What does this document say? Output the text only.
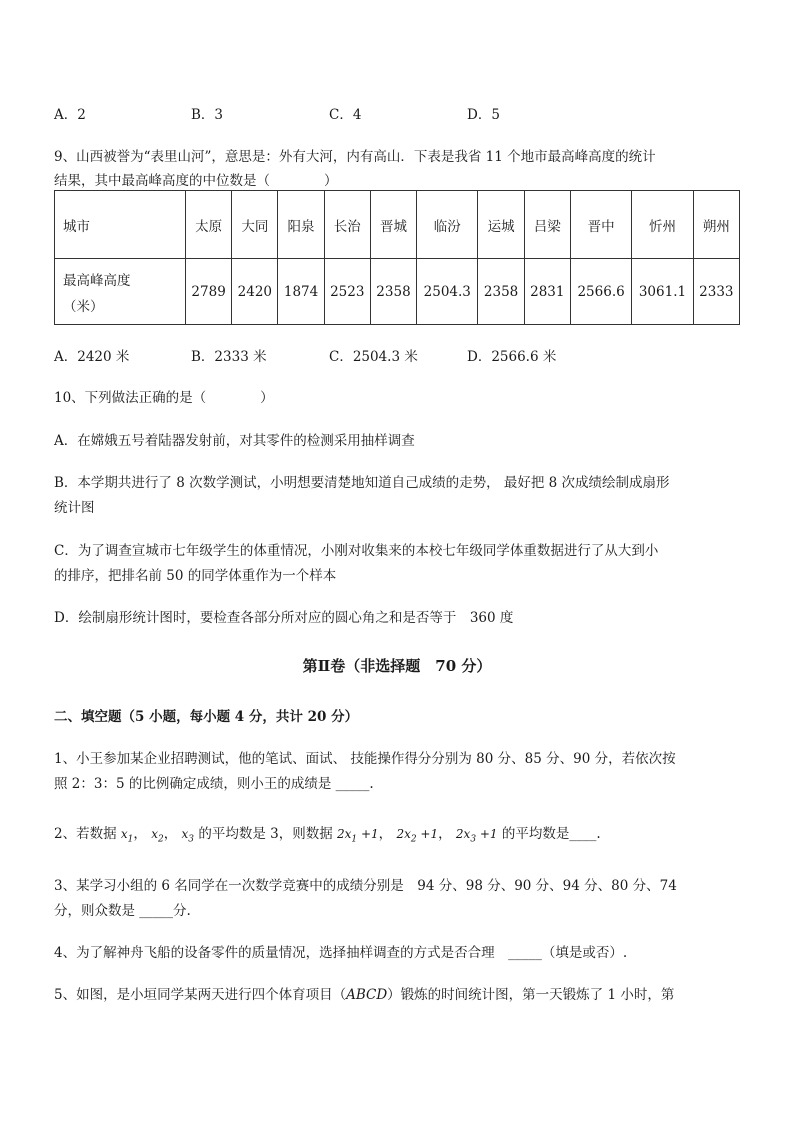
A．2	B．3	C．4	D．5
9、山西被誉为“表里山河”，意思是：外有大河，内有高山．下表是我省 11 个地市最高峰高度的统计
结果，其中最高峰高度的中位数是（　　　　）
城市	太原	大同	阳泉	长治	晋城	临汾	运城	吕梁	晋中	忻州	朔州

最高峰高度
（米）	2789	2420	1874	2523	2358	2504.3	2358	2831	2566.6	3061.1	2333
A．2420 米	B．2333 米	C．2504.3 米	D．2566.6 米
10、下列做法正确的是（　　　　）
A．在嫦娥五号着陆器发射前，对其零件的检测采用抽样调查
B．本学期共进行了 8 次数学测试，小明想要清楚地知道自己成绩的走势， 最好把 8 次成绩绘制成扇形
统计图
C．为了调查宣城市七年级学生的体重情况，小刚对收集来的本校七年级同学体重数据进行了从大到小
的排序，把排名前 50 的同学体重作为一个样本
D．绘制扇形统计图时，要检查各部分所对应的圆心角之和是否等于　360 度
第Ⅱ卷（非选择题　70 分）
二、填空题（5 小题，每小题 4 分，共计 20 分）
1、小王参加某企业招聘测试，他的笔试、面试、 技能操作得分分别为 80 分、85 分、90 分，若依次按
照 2：3：5 的比例确定成绩，则小王的成绩是 _____.
2、若数据 $x_1$， $x_2$， $x_3$ 的平均数是 3，则数据 $2x_1 +1$， $2x_2 +1$， $2x_3 +1$ 的平均数是____.
3、某学习小组的 6 名同学在一次数学竞赛中的成绩分别是　94 分、98 分、90 分、94 分、80 分、74
分，则众数是 _____分.
4、为了解神舟飞船的设备零件的质量情况，选择抽样调查的方式是否合理　_____（填是或否）.
5、如图，是小垣同学某两天进行四个体育项目（ABCD）锻炼的时间统计图，第一天锻炼了 1 小时，第
